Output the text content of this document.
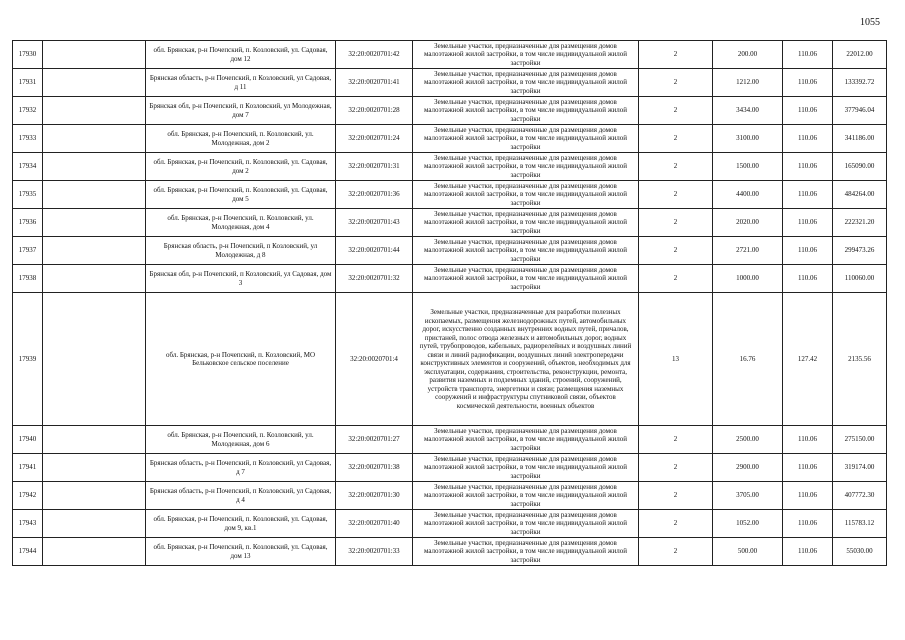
1055
17930		обл. Брянская, р-н Почепский, п. Козловский, ул. Садовая, дом 12	32:20:0020701:42	Земельные участки, предназначенные для размещения домов малоэтажной жилой застройки, в том числе индивидуальной жилой застройки	2	200.00	110.06	22012.00
17931		Брянская область, р-н Почепский, п Козловский, ул Садовая, д 11	32:20:0020701:41	Земельные участки, предназначенные для размещения домов малоэтажной жилой застройки, в том числе индивидуальной жилой застройки	2	1212.00	110.06	133392.72
17932		Брянская обл, р-н Почепский, п Козловский, ул Молодежная, дом 7	32:20:0020701:28	Земельные участки, предназначенные для размещения домов малоэтажной жилой застройки, в том числе индивидуальной жилой застройки	2	3434.00	110.06	377946.04
17933		обл. Брянская, р-н Почепский, п. Козловский, ул. Молодежная, дом 2	32:20:0020701:24	Земельные участки, предназначенные для размещения домов малоэтажной жилой застройки, в том числе индивидуальной жилой застройки	2	3100.00	110.06	341186.00
17934		обл. Брянская, р-н Почепский, п. Козловский, ул. Садовая, дом 2	32:20:0020701:31	Земельные участки, предназначенные для размещения домов малоэтажной жилой застройки, в том числе индивидуальной жилой застройки	2	1500.00	110.06	165090.00
17935		обл. Брянская, р-н Почепский, п. Козловский, ул. Садовая, дом 5	32:20:0020701:36	Земельные участки, предназначенные для размещения домов малоэтажной жилой застройки, в том числе индивидуальной жилой застройки	2	4400.00	110.06	484264.00
17936		обл. Брянская, р-н Почепский, п. Козловский, ул. Молодежная, дом 4	32:20:0020701:43	Земельные участки, предназначенные для размещения домов малоэтажной жилой застройки, в том числе индивидуальной жилой застройки	2	2020.00	110.06	222321.20
17937		Брянская область, р-н Почепский, п Козловский, ул Молодежная, д 8	32:20:0020701:44	Земельные участки, предназначенные для размещения домов малоэтажной жилой застройки, в том числе индивидуальной жилой застройки	2	2721.00	110.06	299473.26
17938		Брянская обл, р-н Почепский, п Козловский, ул Садовая, дом 3	32:20:0020701:32	Земельные участки, предназначенные для размещения домов малоэтажной жилой застройки, в том числе индивидуальной жилой застройки	2	1000.00	110.06	110060.00
17939		обл. Брянская, р-н Почепский, п. Козловский, МО Бельковское сельское поселение	32:20:0020701:4	Земельные участки, предназначенные для разработки полезных ископаемых, размещения железнодорожных путей, автомобильных дорог, искусственно созданных внутренних водных путей, причалов, пристаней, полос отвода железных и автомобильных дорог, водных путей, трубопроводов, кабельных, радиорелейных и воздушных линий связи и линий радиофикации, воздушных линий электропередачи конструктивных элементов и сооружений, объектов, необходимых для эксплуатации, содержания, строительства, реконструкции, ремонта, развития наземных и подземных зданий, строений, сооружений, устройств транспорта, энергетики и связи; размещения наземных сооружений и инфраструктуры спутниковой связи, объектов космической деятельности, военных объектов	13	16.76	127.42	2135.56
17940		обл. Брянская, р-н Почепский, п. Козловский, ул. Молодежная, дом 6	32:20:0020701:27	Земельные участки, предназначенные для размещения домов малоэтажной жилой застройки, в том числе индивидуальной жилой застройки	2	2500.00	110.06	275150.00
17941		Брянская область, р-н Почепский, п Козловский, ул Садовая, д 7	32:20:0020701:38	Земельные участки, предназначенные для размещения домов малоэтажной жилой застройки, в том числе индивидуальной жилой застройки	2	2900.00	110.06	319174.00
17942		Брянская область, р-н Почепский, п Козловский, ул Садовая, д 4	32:20:0020701:30	Земельные участки, предназначенные для размещения домов малоэтажной жилой застройки, в том числе индивидуальной жилой застройки	2	3705.00	110.06	407772.30
17943		обл. Брянская, р-н Почепский, п. Козловский, ул. Садовая, дом 9, кв.1	32:20:0020701:40	Земельные участки, предназначенные для размещения домов малоэтажной жилой застройки, в том числе индивидуальной жилой застройки	2	1052.00	110.06	115783.12
17944		обл. Брянская, р-н Почепский, п. Козловский, ул. Садовая, дом 13	32:20:0020701:33	Земельные участки, предназначенные для размещения домов малоэтажной жилой застройки, в том числе индивидуальной жилой застройки	2	500.00	110.06	55030.00
